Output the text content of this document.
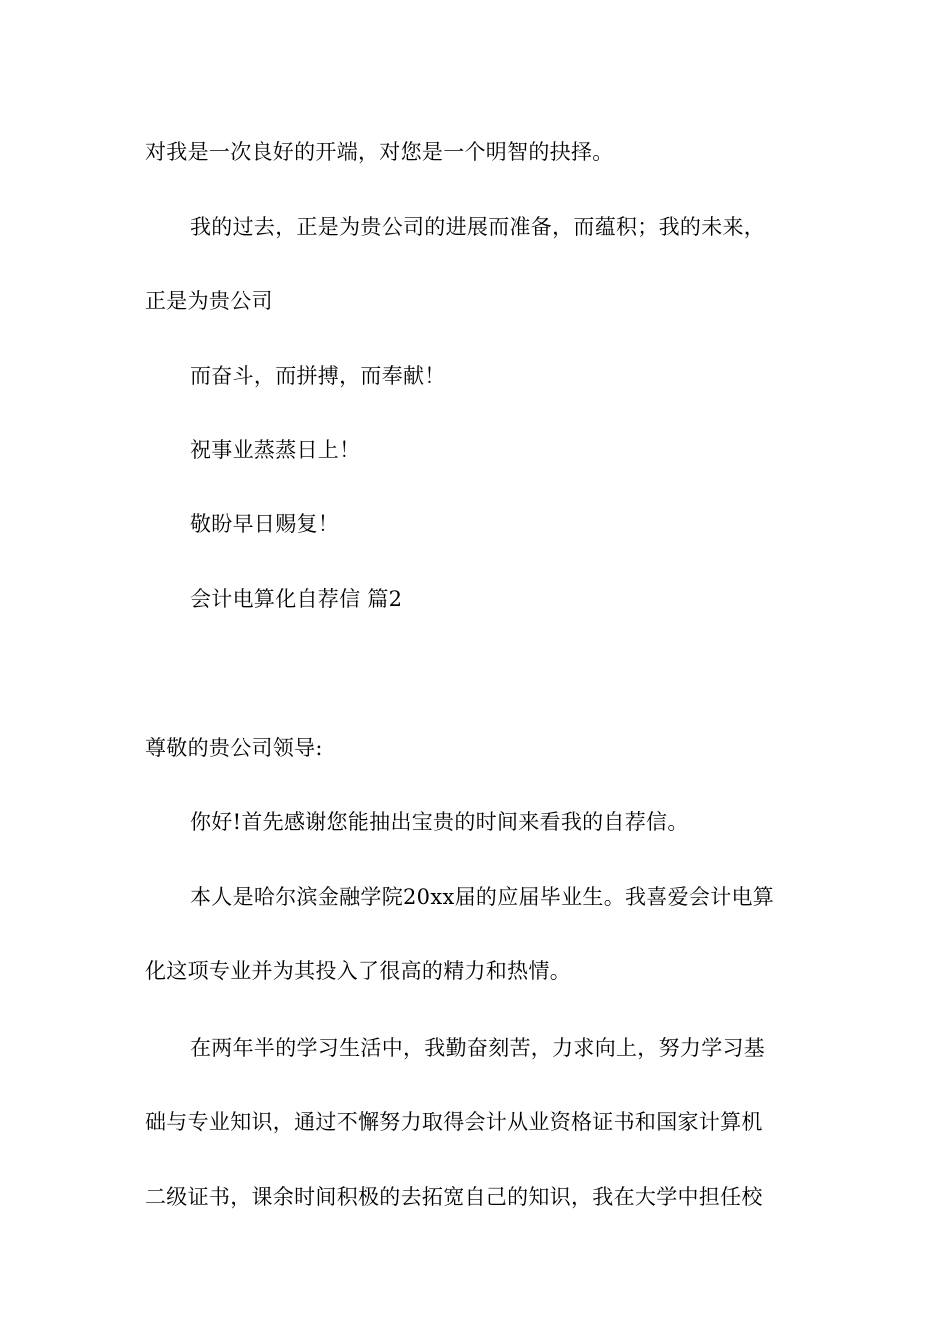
对我是一次良好的开端，对您是一个明智的抉择。

我的过去，正是为贵公司的进展而准备，而蕴积；我的未来，

正是为贵公司

而奋斗，而拼搏，而奉献！

祝事业蒸蒸日上！

敬盼早日赐复！

会计电算化自荐信 篇2

尊敬的贵公司领导:

你好!首先感谢您能抽出宝贵的时间来看我的自荐信。

本人是哈尔滨金融学院20xx届的应届毕业生。我喜爱会计电算

化这项专业并为其投入了很高的精力和热情。

在两年半的学习生活中，我勤奋刻苦，力求向上，努力学习基

础与专业知识，通过不懈努力取得会计从业资格证书和国家计算机

二级证书，课余时间积极的去拓宽自己的知识，我在大学中担任校
